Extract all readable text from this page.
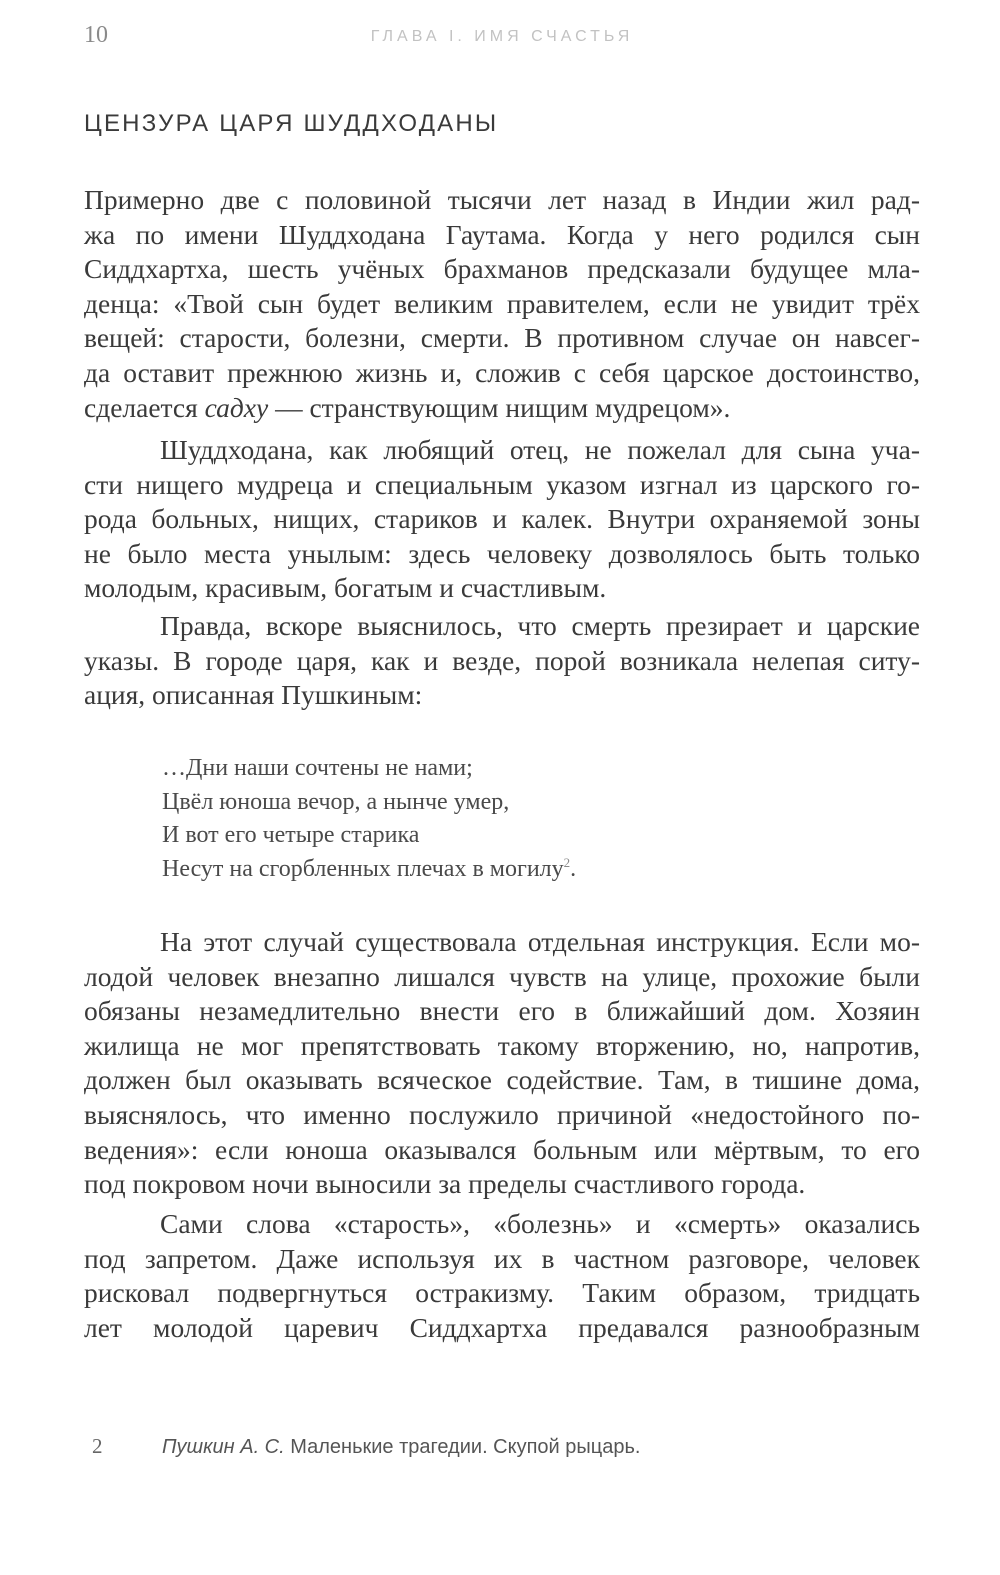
10	ГЛАВА I. ИМЯ СЧАСТЬЯ
ЦЕНЗУРА ЦАРЯ ШУДДХОДАНЫ
Примерно две с половиной тысячи лет назад в Индии жил рад-
жа по имени Шуддходана Гаутама. Когда у него родился сын
Сиддхартха, шесть учёных брахманов предсказали будущее мла-
денца: «Твой сын будет великим правителем, если не увидит трёх
вещей: старости, болезни, смерти. В противном случае он навсег-
да оставит прежнюю жизнь и, сложив с себя царское достоинство,
сделается садху — странствующим нищим мудрецом».
Шуддходана, как любящий отец, не пожелал для сына уча-
сти нищего мудреца и специальным указом изгнал из царского го-
рода больных, нищих, стариков и калек. Внутри охраняемой зоны
не было места унылым: здесь человеку дозволялось быть только
молодым, красивым, богатым и счастливым.
Правда, вскоре выяснилось, что смерть презирает и царские
указы. В городе царя, как и везде, порой возникала нелепая ситу-
ация, описанная Пушкиным:
…Дни наши сочтены не нами;
Цвёл юноша вечор, а нынче умер,
И вот его четыре старика
Несут на сгорбленных плечах в могилу$^2$.
На этот случай существовала отдельная инструкция. Если мо-
лодой человек внезапно лишался чувств на улице, прохожие были
обязаны незамедлительно внести его в ближайший дом. Хозяин
жилища не мог препятствовать такому вторжению, но, напротив,
должен был оказывать всяческое содействие. Там, в тишине дома,
выяснялось, что именно послужило причиной «недостойного по-
ведения»: если юноша оказывался больным или мёртвым, то его
под покровом ночи выносили за пределы счастливого города.
Сами слова «старость», «болезнь» и «смерть» оказались
под запретом. Даже используя их в частном разговоре, человек
рисковал подвергнуться остракизму. Таким образом, тридцать
лет молодой царевич Сиддхартха предавался разнообразным
2	Пушкин А. С. Маленькие трагедии. Скупой рыцарь.
